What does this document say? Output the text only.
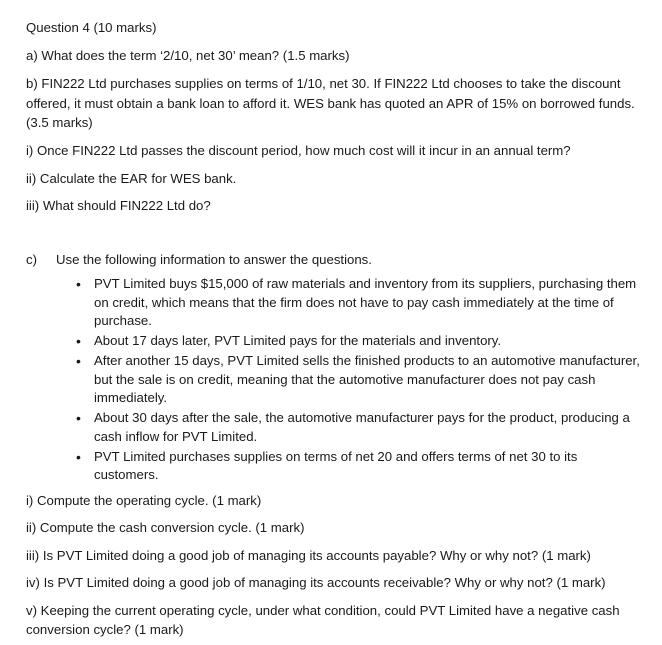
Question 4 (10 marks)

a) What does the term ‘2/10, net 30’ mean? (1.5 marks)

b) FIN222 Ltd purchases supplies on terms of 1/10, net 30. If FIN222 Ltd chooses to take the discount offered, it must obtain a bank loan to afford it. WES bank has quoted an APR of 15% on borrowed funds. (3.5 marks)

i) Once FIN222 Ltd passes the discount period, how much cost will it incur in an annual term?

ii) Calculate the EAR for WES bank.

iii) What should FIN222 Ltd do?

c)	Use the following information to answer the questions.
• PVT Limited buys $15,000 of raw materials and inventory from its suppliers, purchasing them on credit, which means that the firm does not have to pay cash immediately at the time of purchase.
• About 17 days later, PVT Limited pays for the materials and inventory.
• After another 15 days, PVT Limited sells the finished products to an automotive manufacturer, but the sale is on credit, meaning that the automotive manufacturer does not pay cash immediately.
• About 30 days after the sale, the automotive manufacturer pays for the product, producing a cash inflow for PVT Limited.
• PVT Limited purchases supplies on terms of net 20 and offers terms of net 30 to its customers.

i) Compute the operating cycle. (1 mark)

ii) Compute the cash conversion cycle. (1 mark)

iii) Is PVT Limited doing a good job of managing its accounts payable? Why or why not? (1 mark)

iv) Is PVT Limited doing a good job of managing its accounts receivable? Why or why not? (1 mark)

v) Keeping the current operating cycle, under what condition, could PVT Limited have a negative cash conversion cycle? (1 mark)
